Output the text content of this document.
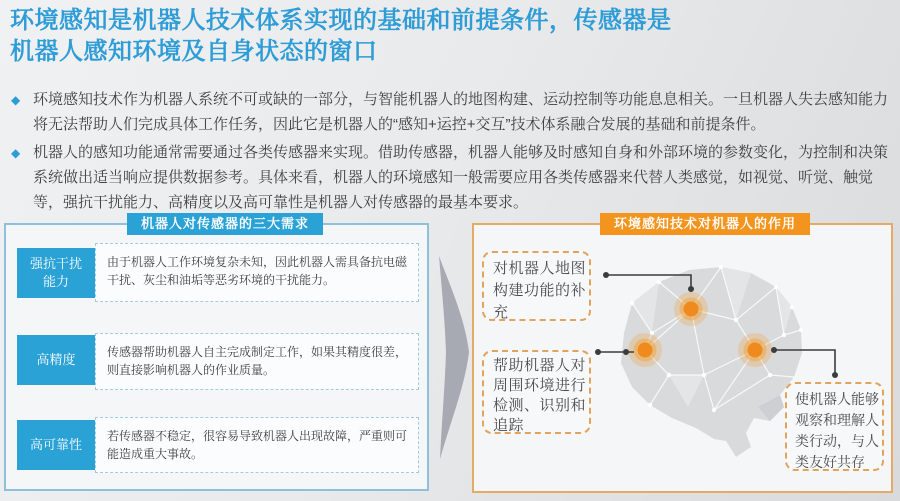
环境感知是机器人技术体系实现的基础和前提条件，传感器是
机器人感知环境及自身状态的窗口
◆ 环境感知技术作为机器人系统不可或缺的一部分，与智能机器人的地图构建、运动控制等功能息息相关。一旦机器人失去感知能力将无法帮助人们完成具体工作任务，因此它是机器人的“感知+运控+交互”技术体系融合发展的基础和前提条件。
◆ 机器人的感知功能通常需要通过各类传感器来实现。借助传感器，机器人能够及时感知自身和外部环境的参数变化，为控制和决策系统做出适当响应提供数据参考。具体来看，机器人的环境感知一般需要应用各类传感器来代替人类感觉，如视觉、听觉、触觉等，强抗干扰能力、高精度以及高可靠性是机器人对传感器的最基本要求。
机器人对传感器的三大需求
强抗干扰能力
由于机器人工作环境复杂未知，因此机器人需具备抗电磁干扰、灰尘和油垢等恶劣环境的干扰能力。
高精度	传感器帮助机器人自主完成制定工作，如果其精度很差，则直接影响机器人的作业质量。
高可靠性
若传感器不稳定，很容易导致机器人出现故障，严重则可能造成重大事故。
环境感知技术对机器人的作用
对机器人地图构建功能的补充
帮助机器人对周围环境进行检测、识别和追踪
使机器人能够观察和理解人类行动，与人类友好共存
